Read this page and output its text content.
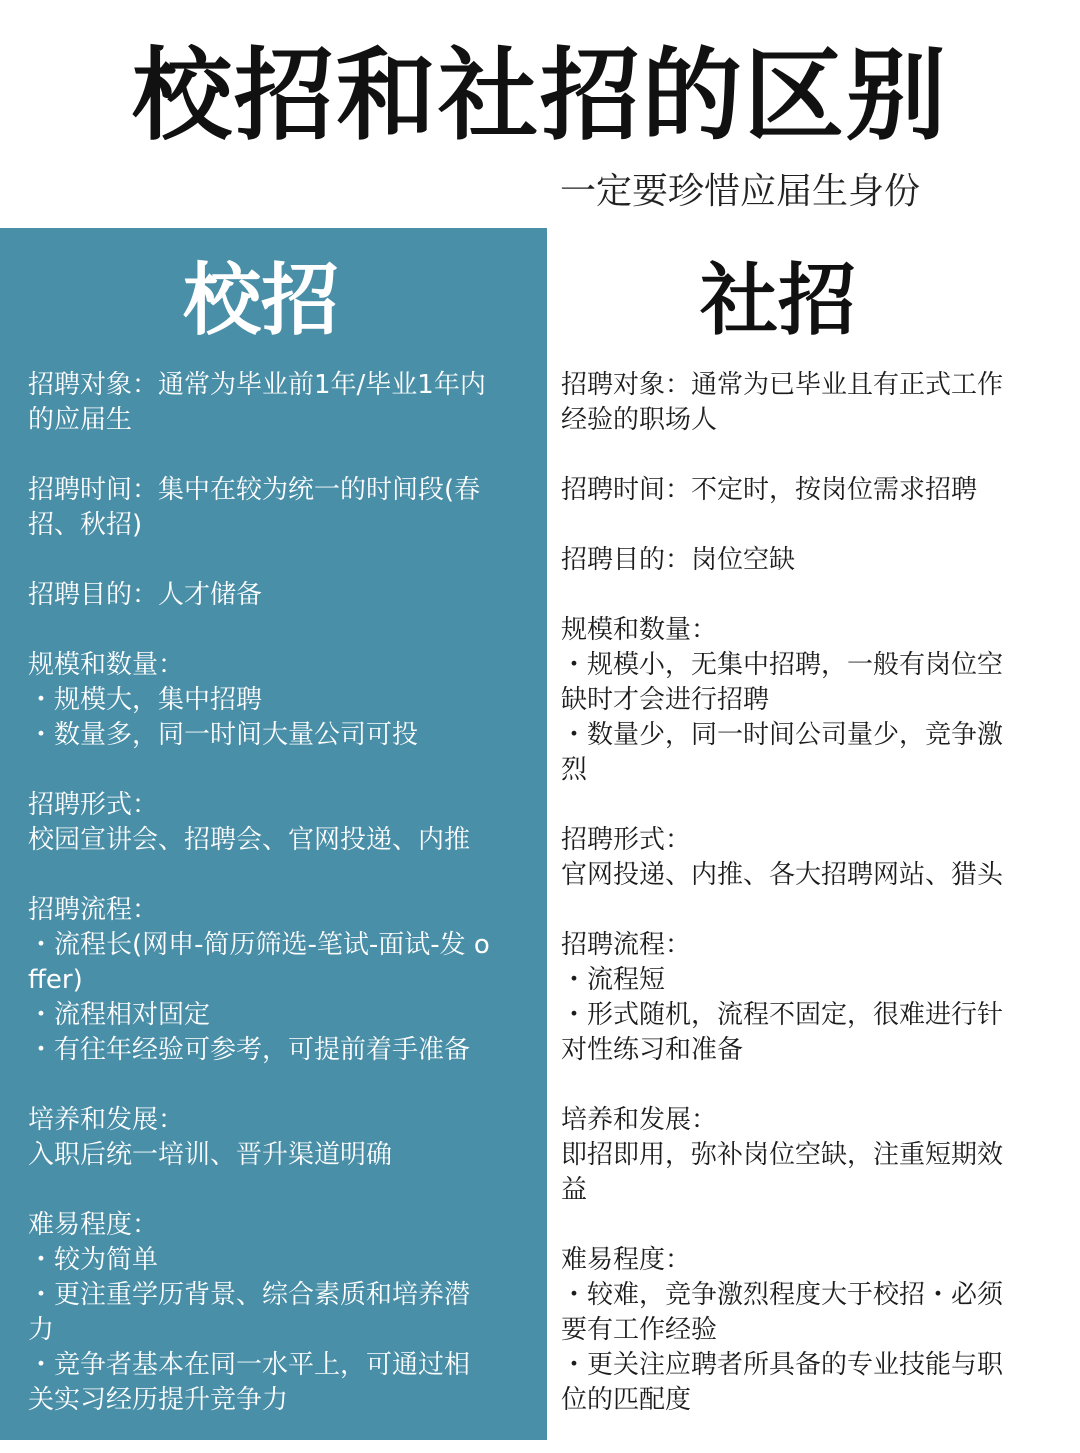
校招和社招的区别
一定要珍惜应届生身份
校招
招聘对象：通常为毕业前1年/毕业1年内
的应届生
招聘时间：集中在较为统一的时间段(春
招、秋招)
招聘目的：人才储备
规模和数量：
・规模大，集中招聘
・数量多，同一时间大量公司可投
招聘形式：
校园宣讲会、招聘会、官网投递、内推
招聘流程：
・流程长(网申-简历筛选-笔试-面试-发 o
ffer)
・流程相对固定
・有往年经验可参考，可提前着手准备
培养和发展：
入职后统一培训、晋升渠道明确
难易程度：
・较为简单
・更注重学历背景、综合素质和培养潜
力
・竞争者基本在同一水平上，可通过相
关实习经历提升竞争力
社招
招聘对象：通常为已毕业且有正式工作
经验的职场人
招聘时间：不定时，按岗位需求招聘
招聘目的：岗位空缺
规模和数量：
・规模小，无集中招聘，一般有岗位空
缺时才会进行招聘
・数量少，同一时间公司量少，竞争激
烈
招聘形式：
官网投递、内推、各大招聘网站、猎头
招聘流程：
・流程短
・形式随机，流程不固定，很难进行针
对性练习和准备
培养和发展：
即招即用，弥补岗位空缺，注重短期效
益
难易程度：
・较难，竞争激烈程度大于校招・必须
要有工作经验
・更关注应聘者所具备的专业技能与职
位的匹配度
